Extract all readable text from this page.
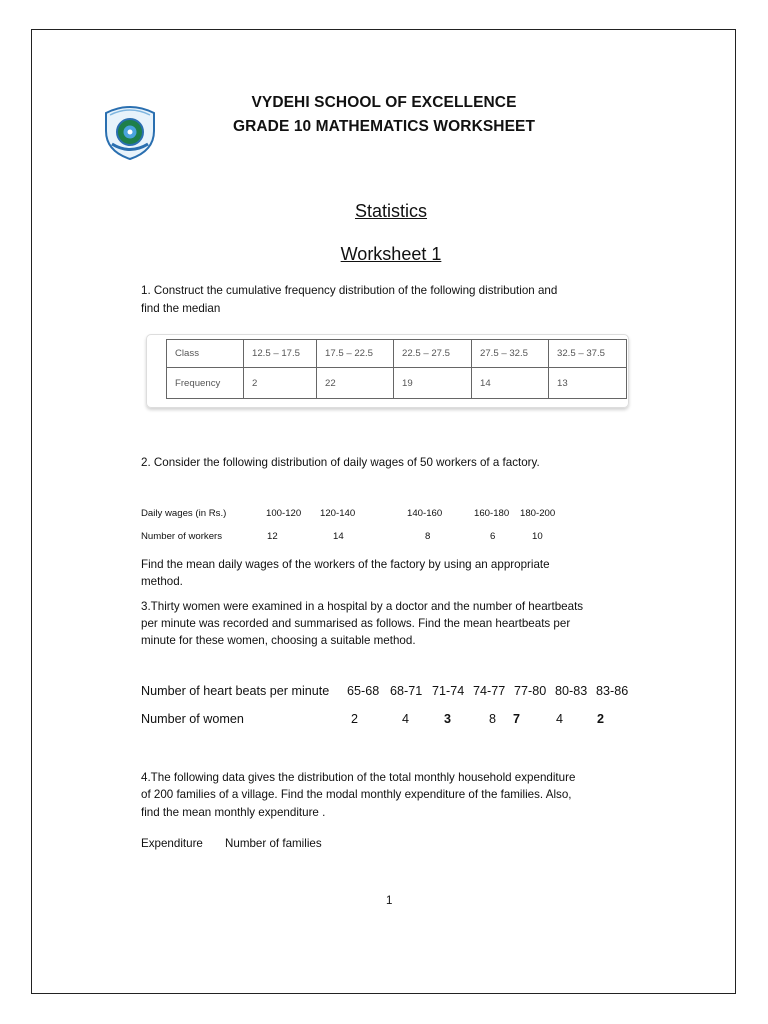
VYDEHI SCHOOL OF EXCELLENCE
GRADE 10 MATHEMATICS WORKSHEET
Statistics
Worksheet 1
1. Construct the cumulative frequency distribution of the following distribution and
find the median
Class	12.5 – 17.5	17.5 – 22.5	22.5 – 27.5	27.5 – 32.5	32.5 – 37.5
Frequency	2	22	19	14	13
2. Consider the following distribution of daily wages of 50 workers of a factory.
Daily wages (in Rs.)	100-120 120-140	140-160	160-180 180-200
Number of workers	12	14	8	6	10
Find the mean daily wages of the workers of the factory by using an appropriate
method.
3.Thirty women were examined in a hospital by a doctor and the number of heartbeats
per minute was recorded and summarised as follows. Find the mean heartbeats per
minute for these women, choosing a suitable method.
Number of heart beats per minute 65-68 68-71 71-74 74-77 77-80 80-83 83-86
Number of women	2	4	3	8 7	4	2
4.The following data gives the distribution of the total monthly household expenditure
of 200 families of a village. Find the modal monthly expenditure of the families. Also,
find the mean monthly expenditure .
Expenditure Number of families
1
